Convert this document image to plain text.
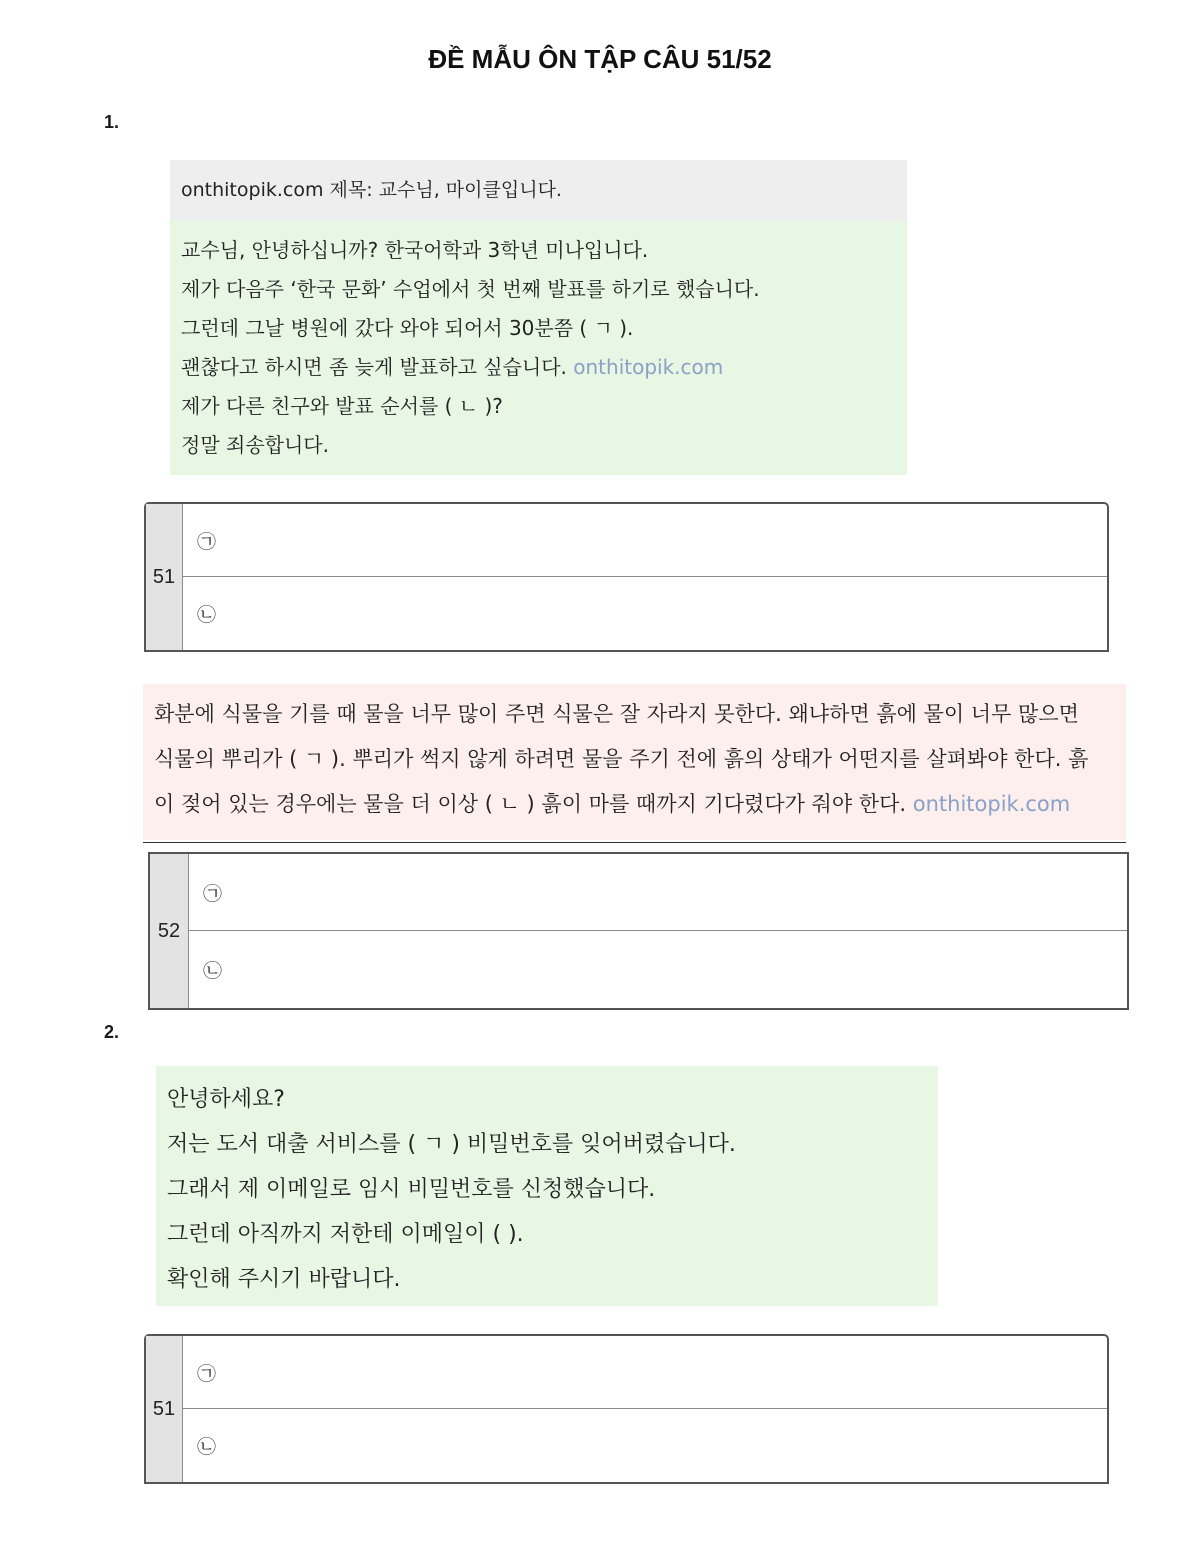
ĐỀ MẪU ÔN TẬP CÂU 51/52
1.
onthitopik.com 제목: 교수님, 마이클입니다.
교수님, 안녕하십니까? 한국어학과 3학년 미나입니다.
제가 다음주 ‘한국 문화’ 수업에서 첫 번째 발표를 하기로 했습니다.
그런데 그날 병원에 갔다 와야 되어서 30분쯤 ( ㄱ ).
괜찮다고 하시면 좀 늦게 발표하고 싶습니다. onthitopik.com
제가 다른 친구와 발표 순서를 ( ㄴ )?
정말 죄송합니다.
51
㉠
㉡
화분에 식물을 기를 때 물을 너무 많이 주면 식물은 잘 자라지 못한다. 왜냐하면 흙에 물이 너무 많으면
식물의 뿌리가 ( ㄱ ). 뿌리가 썩지 않게 하려면 물을 주기 전에 흙의 상태가 어떤지를 살펴봐야 한다. 흙
이 젖어 있는 경우에는 물을 더 이상 ( ㄴ ) 흙이 마를 때까지 기다렸다가 줘야 한다. onthitopik.com
52
㉠
㉡
2.
안녕하세요?
저는 도서 대출 서비스를 ( ㄱ ) 비밀번호를 잊어버렸습니다.
그래서 제 이메일로 임시 비밀번호를 신청했습니다.
그런데 아직까지 저한테 이메일이 ( ).
확인해 주시기 바랍니다.
51
㉠
㉡
